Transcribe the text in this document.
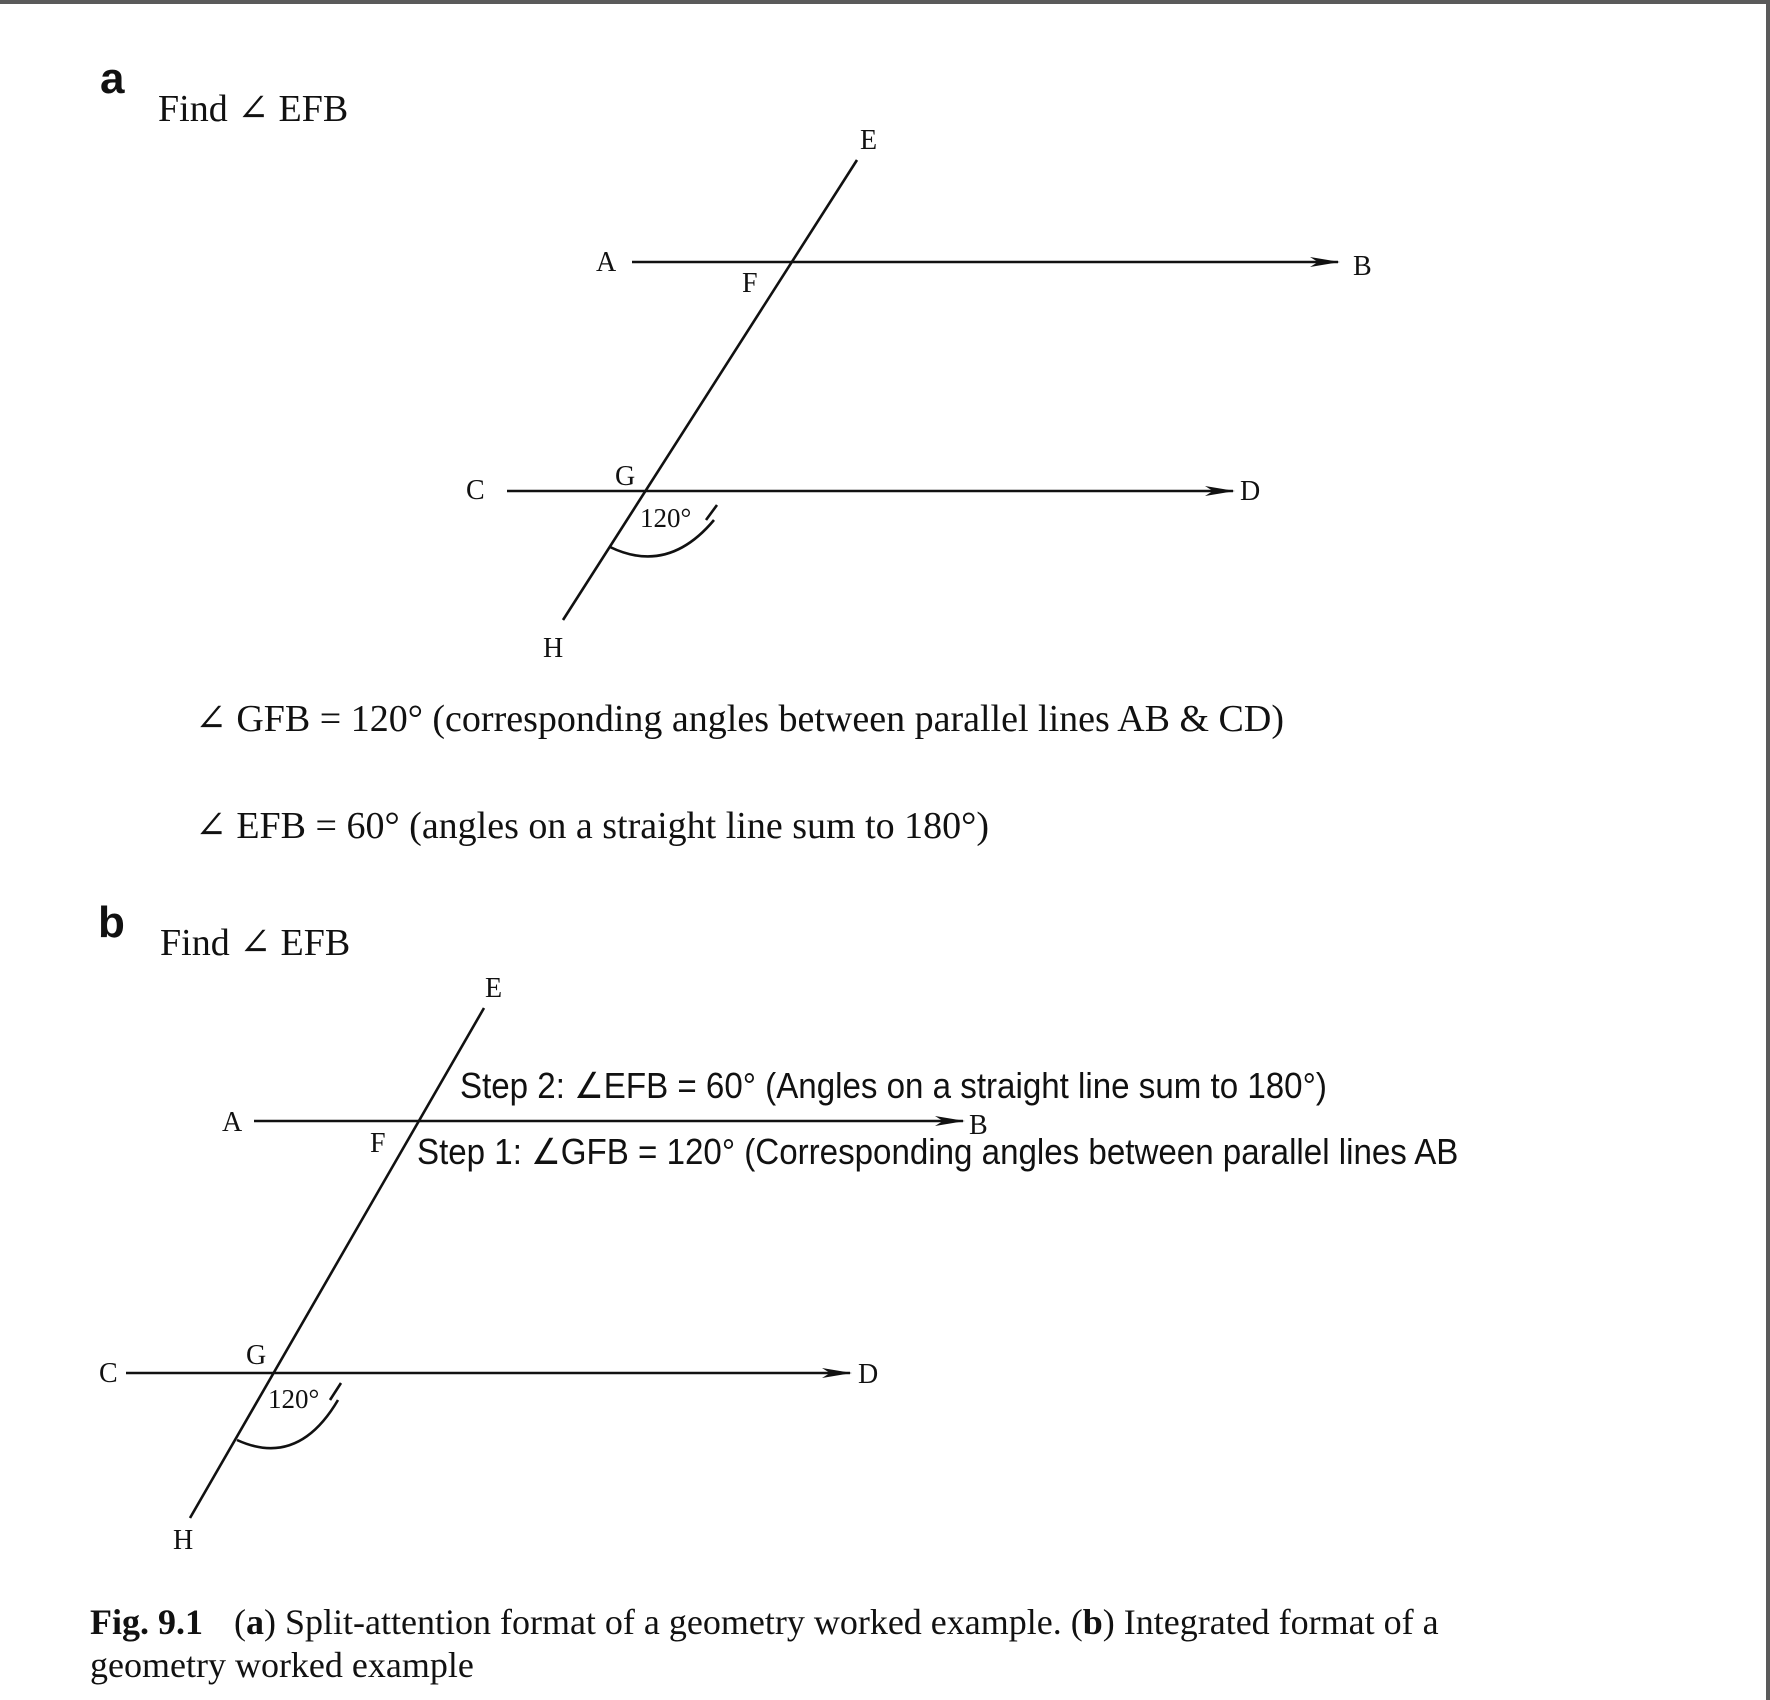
a
Find ∠ EFB
A	B
C	D
E
F
G
H
120°
∠ GFB = 120° (corresponding angles between parallel lines AB & CD)
∠ EFB = 60° (angles on a straight line sum to 180°)
b Find ∠ EFB
A	B
C	D
E
F
G
H
120°
Step 2: ∠EFB = 60° (Angles on a straight line sum to 180°)
Step 1: ∠GFB = 120° (Corresponding angles between parallel lines AB
Fig. 9.1 (a) Split-attention format of a geometry worked example. (b) Integrated format of a
geometry worked example
